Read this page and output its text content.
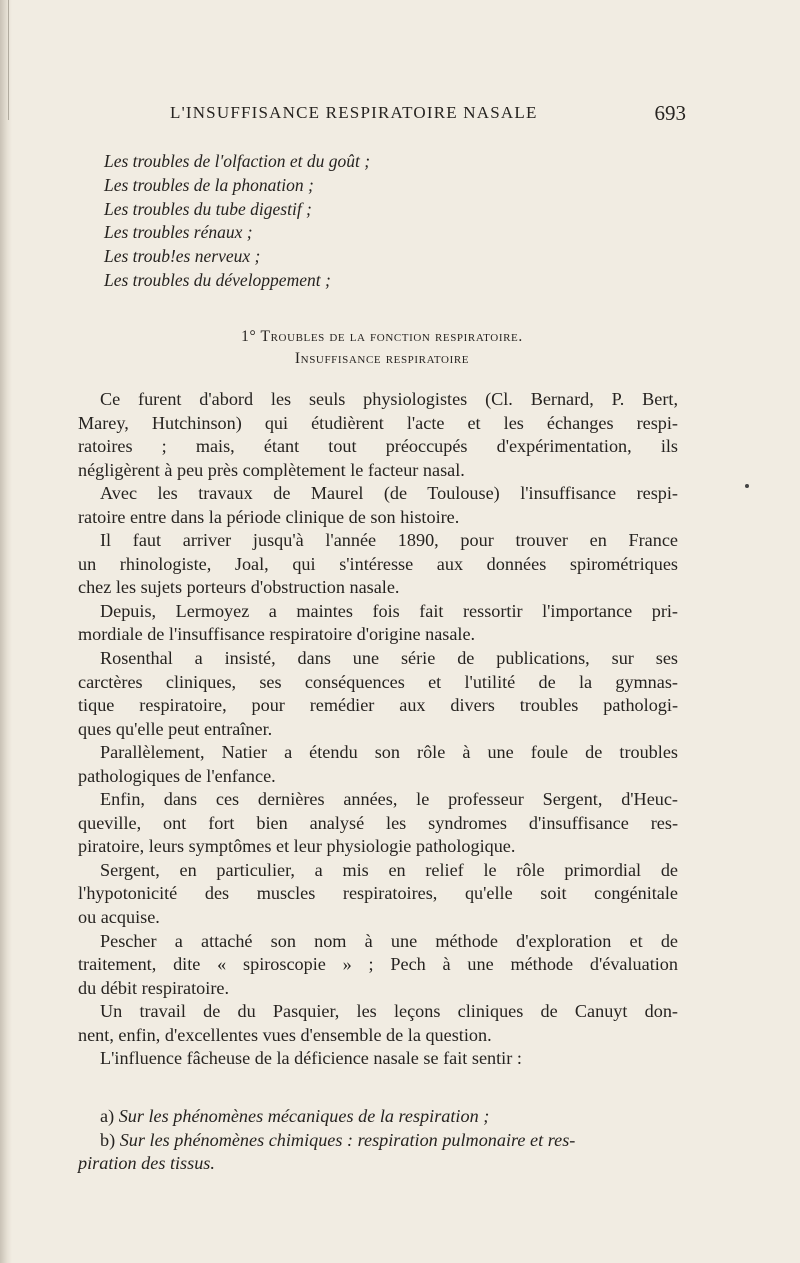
L'INSUFFISANCE RESPIRATOIRE NASALE	693
Les troubles de l'olfaction et du goût ;
Les troubles de la phonation ;
Les troubles du tube digestif ;
Les troubles rénaux ;
Les troub!es nerveux ;
Les troubles du développement ;
1° Troubles de la fonction respiratoire.
Insuffisance respiratoire
Ce furent d'abord les seuls physiologistes (Cl. Bernard, P. Bert,
Marey, Hutchinson) qui étudièrent l'acte et les échanges respi-
ratoires ; mais, étant tout préoccupés d'expérimentation, ils
négligèrent à peu près complètement le facteur nasal.
Avec les travaux de Maurel (de Toulouse) l'insuffisance respi-
ratoire entre dans la période clinique de son histoire.
Il faut arriver jusqu'à l'année 1890, pour trouver en France
un rhinologiste, Joal, qui s'intéresse aux données spirométriques
chez les sujets porteurs d'obstruction nasale.
Depuis, Lermoyez a maintes fois fait ressortir l'importance pri-
mordiale de l'insuffisance respiratoire d'origine nasale.
Rosenthal a insisté, dans une série de publications, sur ses
carctères cliniques, ses conséquences et l'utilité de la gymnas-
tique respiratoire, pour remédier aux divers troubles pathologi-
ques qu'elle peut entraîner.
Parallèlement, Natier a étendu son rôle à une foule de troubles
pathologiques de l'enfance.
Enfin, dans ces dernières années, le professeur Sergent, d'Heuc-
queville, ont fort bien analysé les syndromes d'insuffisance res-
piratoire, leurs symptômes et leur physiologie pathologique.
Sergent, en particulier, a mis en relief le rôle primordial de
l'hypotonicité des muscles respiratoires, qu'elle soit congénitale
ou acquise.
Pescher a attaché son nom à une méthode d'exploration et de
traitement, dite « spiroscopie » ; Pech à une méthode d'évaluation
du débit respiratoire.
Un travail de du Pasquier, les leçons cliniques de Canuyt don-
nent, enfin, d'excellentes vues d'ensemble de la question.
L'influence fâcheuse de la déficience nasale se fait sentir :
a) Sur les phénomènes mécaniques de la respiration ;
b) Sur les phénomènes chimiques : respiration pulmonaire et res-
piration des tissus.
